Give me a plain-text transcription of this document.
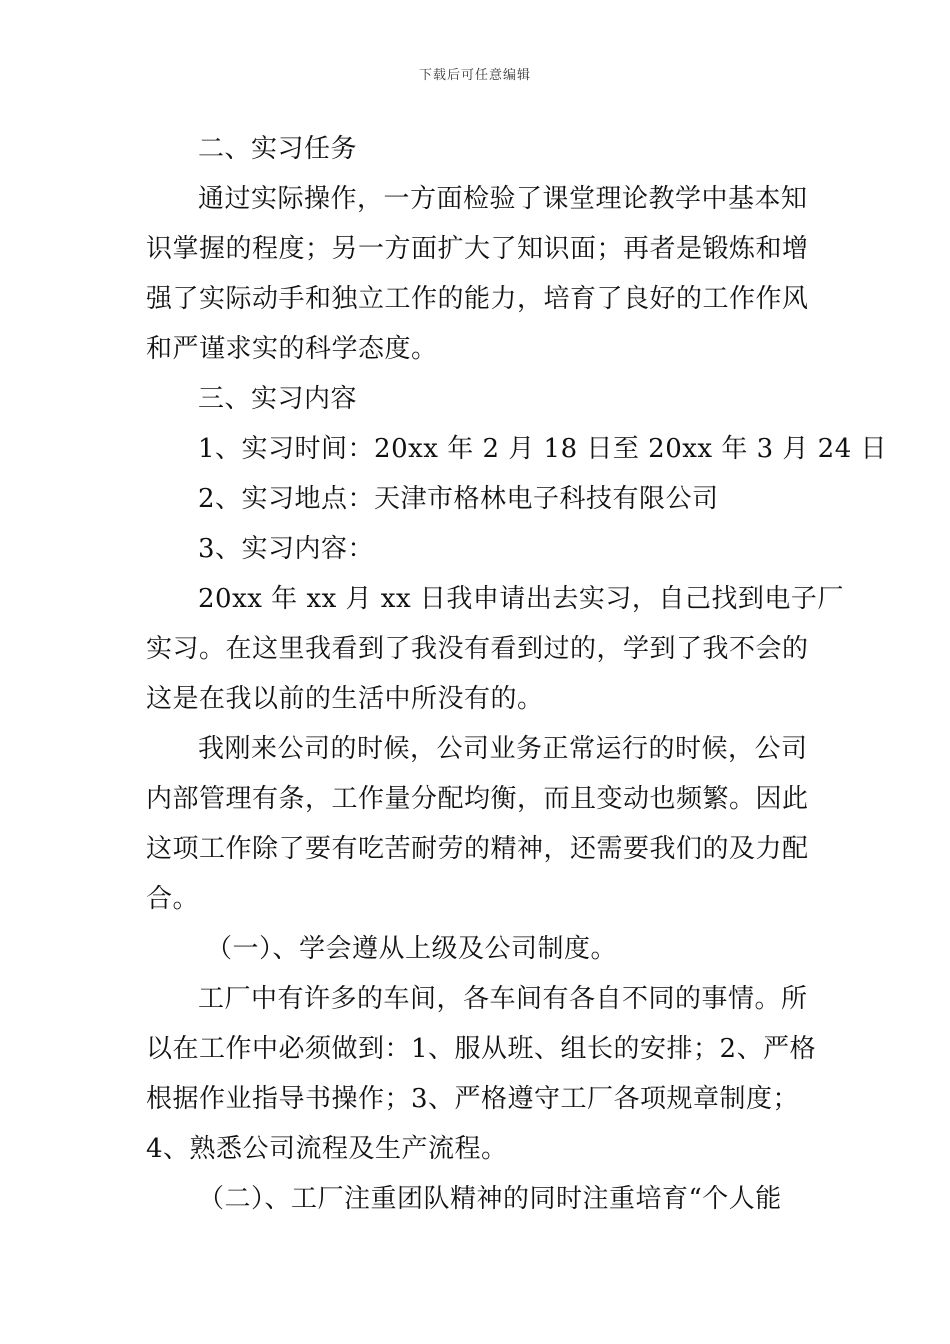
下载后可任意编辑
二、实习任务
通过实际操作，一方面检验了课堂理论教学中基本知
识掌握的程度；另一方面扩大了知识面；再者是锻炼和增
强了实际动手和独立工作的能力，培育了良好的工作作风
和严谨求实的科学态度。
三、实习内容
1、实习时间：20xx 年 2 月 18 日至 20xx 年 3 月 24 日
2、实习地点：天津市格林电子科技有限公司
3、实习内容：
20xx 年 xx 月 xx 日我申请出去实习，自己找到电子厂
实习。在这里我看到了我没有看到过的，学到了我不会的
这是在我以前的生活中所没有的。
我刚来公司的时候，公司业务正常运行的时候，公司
内部管理有条，工作量分配均衡，而且变动也频繁。因此
这项工作除了要有吃苦耐劳的精神，还需要我们的及力配
合。
（一）、学会遵从上级及公司制度。
工厂中有许多的车间，各车间有各自不同的事情。所
以在工作中必须做到：1、服从班、组长的安排；2、严格
根据作业指导书操作；3、严格遵守工厂各项规章制度；
4、熟悉公司流程及生产流程。
（二）、工厂注重团队精神的同时注重培育“个人能
